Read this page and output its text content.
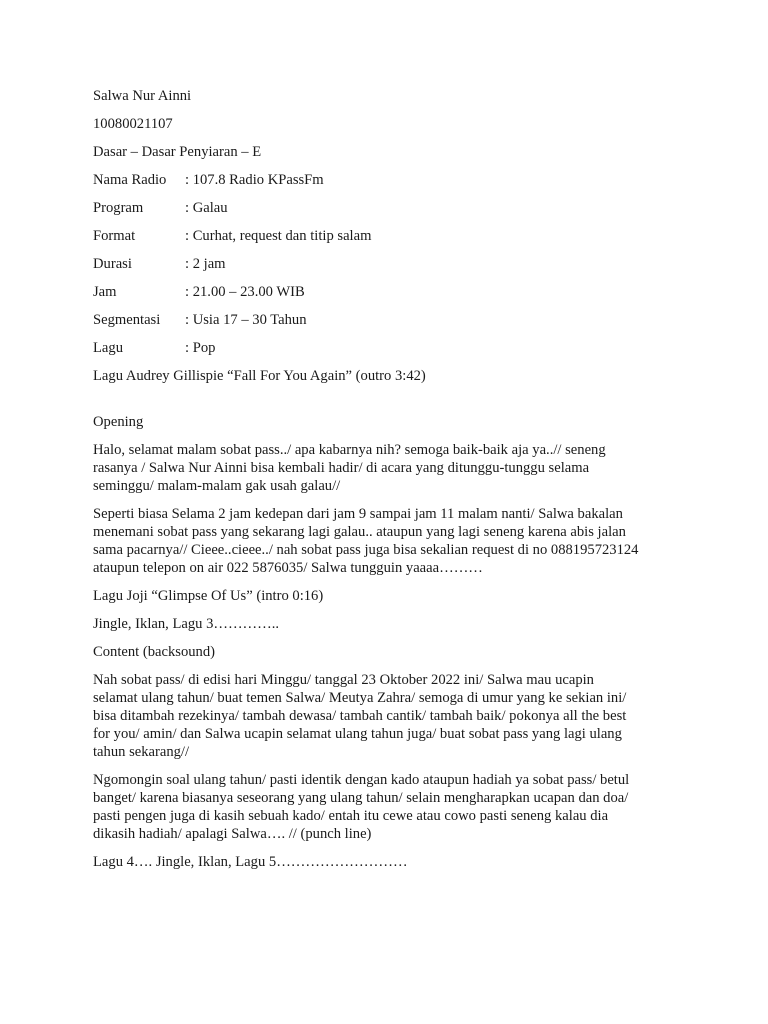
Salwa Nur Ainni
10080021107
Dasar – Dasar Penyiaran – E
Nama Radio	: 107.8 Radio KPassFm
Program	: Galau
Format	: Curhat, request dan titip salam
Durasi	: 2 jam
Jam	: 21.00 – 23.00 WIB
Segmentasi	: Usia 17 – 30 Tahun
Lagu	: Pop
Lagu Audrey Gillispie “Fall For You Again” (outro 3:42)
Opening
Halo, selamat malam sobat pass../ apa kabarnya nih? semoga baik-baik aja ya..// seneng
rasanya / Salwa Nur Ainni bisa kembali hadir/ di acara yang ditunggu-tunggu selama
seminggu/ malam-malam gak usah galau//
Seperti biasa Selama 2 jam kedepan dari jam 9 sampai jam 11 malam nanti/ Salwa bakalan
menemani sobat pass yang sekarang lagi galau.. ataupun yang lagi seneng karena abis jalan
sama pacarnya// Cieee..cieee../ nah sobat pass juga bisa sekalian request di no 088195723124
ataupun telepon on air 022 5876035/ Salwa tungguin yaaaa………
Lagu Joji “Glimpse Of Us” (intro 0:16)
Jingle, Iklan, Lagu 3…………..
Content (backsound)
Nah sobat pass/ di edisi hari Minggu/ tanggal 23 Oktober 2022 ini/ Salwa mau ucapin
selamat ulang tahun/ buat temen Salwa/ Meutya Zahra/ semoga di umur yang ke sekian ini/
bisa ditambah rezekinya/ tambah dewasa/ tambah cantik/ tambah baik/ pokonya all the best
for you/ amin/ dan Salwa ucapin selamat ulang tahun juga/ buat sobat pass yang lagi ulang
tahun sekarang//
Ngomongin soal ulang tahun/ pasti identik dengan kado ataupun hadiah ya sobat pass/ betul
banget/ karena biasanya seseorang yang ulang tahun/ selain mengharapkan ucapan dan doa/
pasti pengen juga di kasih sebuah kado/ entah itu cewe atau cowo pasti seneng kalau dia
dikasih hadiah/ apalagi Salwa…. // (punch line)
Lagu 4…. Jingle, Iklan, Lagu 5………………………
